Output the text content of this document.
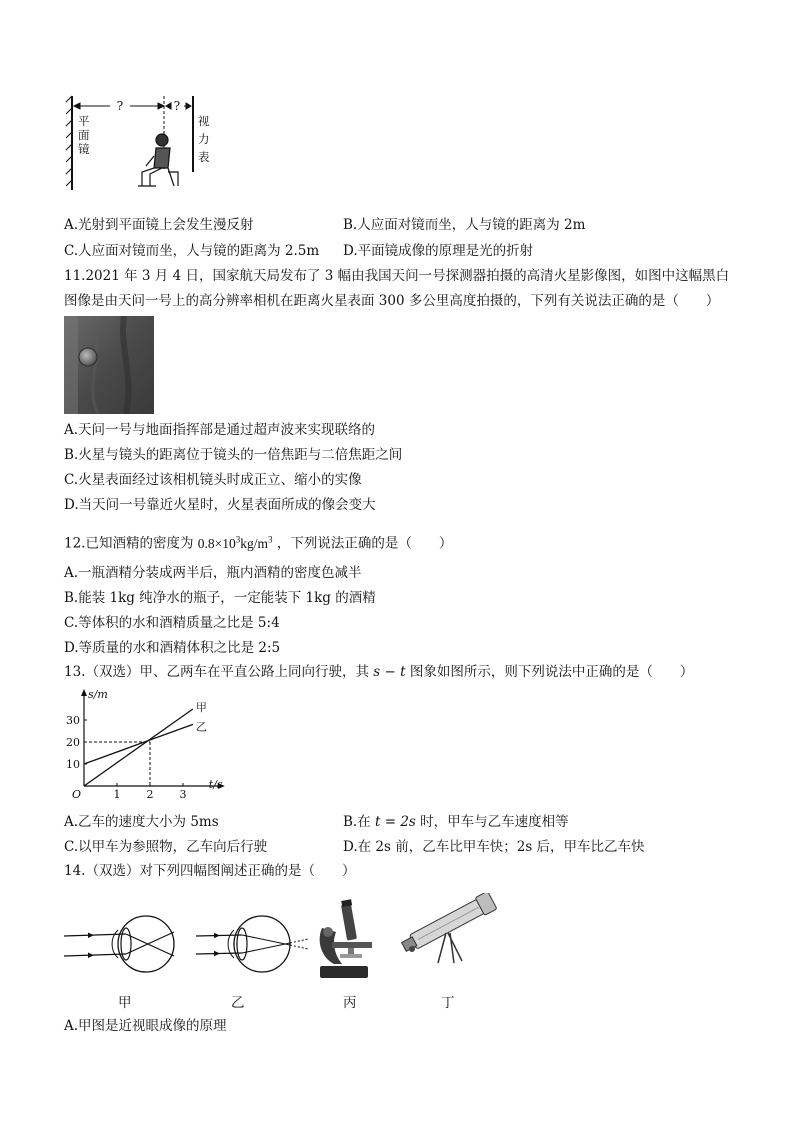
?	?
平面镜
视力表
A.光射到平面镜上会发生漫反射	B.人应面对镜而坐，人与镜的距离为 2m
C.人应面对镜而坐，人与镜的距离为 2.5m D.平面镜成像的原理是光的折射
11.2021 年 3 月 4 日，国家航天局发布了 3 幅由我国天问一号探测器拍摄的高清火星影像图，如图中这幅黑白
图像是由天问一号上的高分辨率相机在距离火星表面 300 多公里高度拍摄的，下列有关说法正确的是（　　）
A.天问一号与地面指挥部是通过超声波来实现联络的
B.火星与镜头的距离位于镜头的一倍焦距与二倍焦距之间
C.火星表面经过该相机镜头时成正立、缩小的实像
D.当天问一号靠近火星时，火星表面所成的像会变大
12.已知酒精的密度为 $0.8\times 10^3kg/m^3$ ，下列说法正确的是（　　）
A.一瓶酒精分装成两半后，瓶内酒精的密度色减半
B.能装 1kg 纯净水的瓶子，一定能装下 1kg 的酒精
C.等体积的水和酒精质量之比是 5:4
D.等质量的水和酒精体积之比是 2:5
13.（双选）甲、乙两车在平直公路上同向行驶，其 s − t 图象如图所示，则下列说法中正确的是（　　）
s/m
t/s
O	1 2 3
10
20
30
甲
乙
A.乙车的速度大小为 5ms	B.在 t = 2s 时，甲车与乙车速度相等
C.以甲车为参照物，乙车向后行驶	D.在 2s 前，乙车比甲车快；2s 后，甲车比乙车快
14.（双选）对下列四幅图阐述正确的是（　　）
甲	乙	丙	丁
A.甲图是近视眼成像的原理
